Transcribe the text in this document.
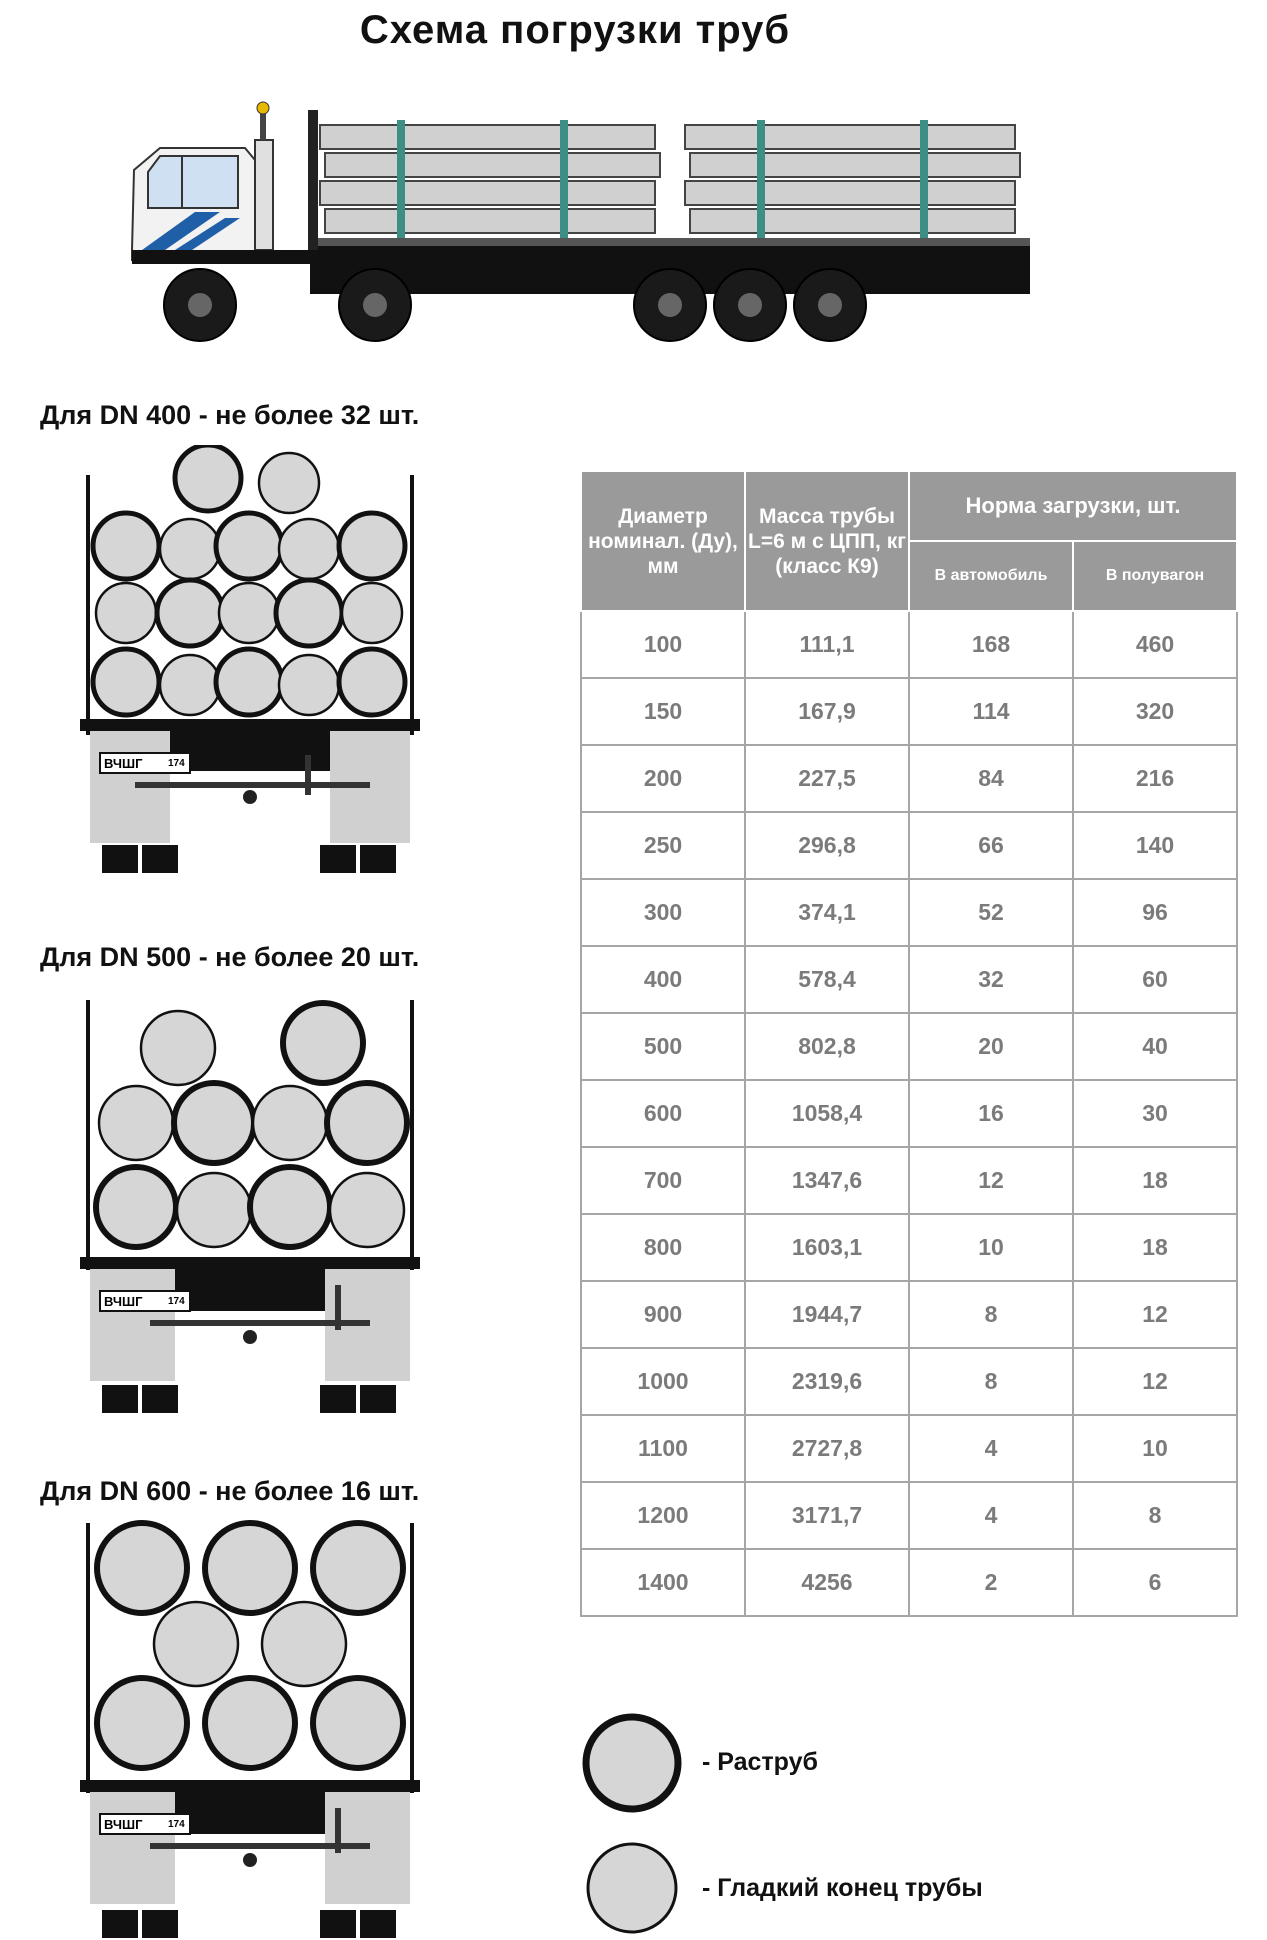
Схема погрузки труб
Для DN 400 - не более 32 шт.
ВЧШГ	174
Для DN 500 - не более 20 шт.
ВЧШГ	174
Для DN 600 - не более 16 шт.
ВЧШГ	174
Диаметр номинал. (Ду), мм	Масса трубы L=6 м с ЦПП, кг (класс К9)	Норма загрузки, шт.	
		В автомобиль	В полувагон
100	111,1	168	460
150	167,9	114	320
200	227,5	84	216
250	296,8	66	140
300	374,1	52	96
400	578,4	32	60
500	802,8	20	40
600	1058,4	16	30
700	1347,6	12	18
800	1603,1	10	18
900	1944,7	8	12
1000	2319,6	8	12
1100	2727,8	4	10
1200	3171,7	4	8
1400	4256	2	6
- Раструб
- Гладкий конец трубы
